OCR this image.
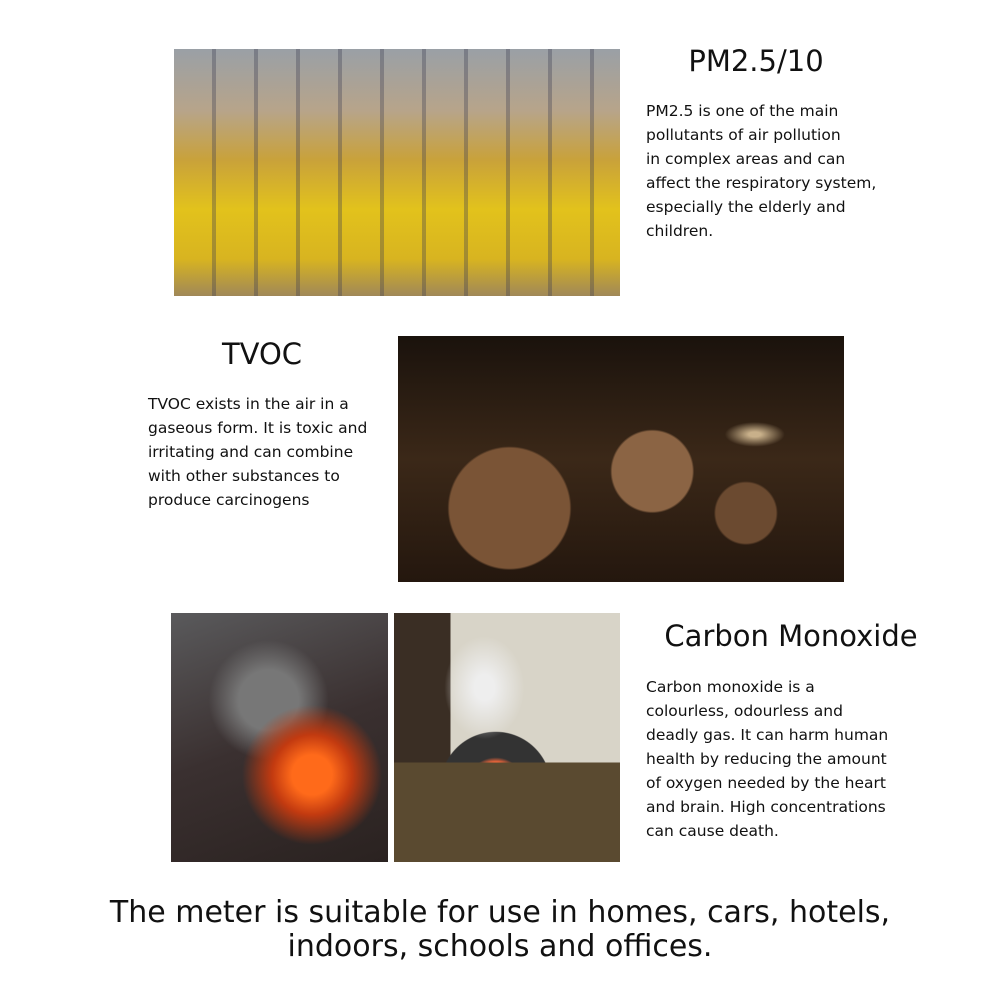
PM2.5/10
PM2.5 is one of the main
pollutants of air pollution
in complex areas and can
affect the respiratory system,
especially the elderly and
children.
TVOC
TVOC exists in the air in a
gaseous form. It is toxic and
irritating and can combine
with other substances to
produce carcinogens
Carbon Monoxide
Carbon monoxide is a
colourless, odourless and
deadly gas. It can harm human
health by reducing the amount
of oxygen needed by the heart
and brain. High concentrations
can cause death.
The meter is suitable for use in homes, cars, hotels,
indoors, schools and offices.
